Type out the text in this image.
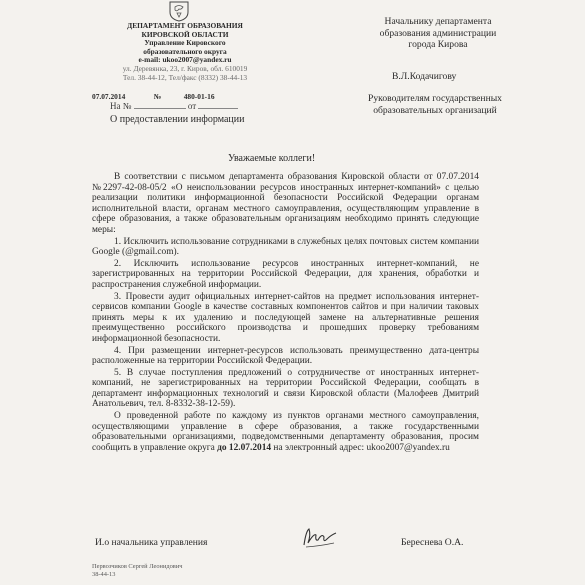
ДЕПАРТАМЕНТ ОБРАЗОВАНИЯ
КИРОВСКОЙ ОБЛАСТИ
Управление Кировского
образовательного округа
e-mail: ukoo2007@yandex.ru
ул. Деревянка, 23, г. Киров, обл. 610019
Тел. 38-44-12, Тел/факс (8332) 38-44-13
07.07.2014	№	480-01-16
На №	от
О предоставлении информации
Начальнику департамента
образования администрации
города Кирова
В.Л.Кодачигову
Руководителям государственных
образовательных организаций
Уважаемые коллеги!

В соответствии с письмом департамента образования Кировской области от 07.07.2014 №2297-42-08-05/2 «О неиспользовании ресурсов иностранных интернет-компаний» с целью реализации политики информационной безопасности Российской Федерации органам исполнительной власти, органам местного самоуправления, осуществляющим управление в сфере образования, а также образовательным организациям необходимо принять следующие меры:

1. Исключить использование сотрудниками в служебных целях почтовых систем компании Google (@gmail.com).

2. Исключить использование ресурсов иностранных интернет-компаний, не зарегистрированных на территории Российской Федерации, для хранения, обработки и распространения служебной информации.

3. Провести аудит официальных интернет-сайтов на предмет использования интернет-сервисов компании Google в качестве составных компонентов сайтов и при наличии таковых принять меры к их удалению и последующей замене на альтернативные решения преимущественно российского производства и прошедших проверку требованиям информационной безопасности.

4. При размещении интернет-ресурсов использовать преимущественно дата-центры расположенные на территории Российской Федерации.

5. В случае поступления предложений о сотрудничестве от иностранных интернет-компаний, не зарегистрированных на территории Российской Федерации, сообщать в департамент информационных технологий и связи Кировской области (Малофеев Дмитрий Анатольевич, тел. 8-8332-38-12-59).

О проведенной работе по каждому из пунктов органами местного самоуправления, осуществляющими управление в сфере образования, а также государственными образовательными организациями, подведомственными департаменту образования, просим сообщить в управление округа до 12.07.2014 на электронный адрес: ukoo2007@yandex.ru

И.о начальника управления	Береснева О.А.
Первозчиков Сергей Леонидович
38-44-13
